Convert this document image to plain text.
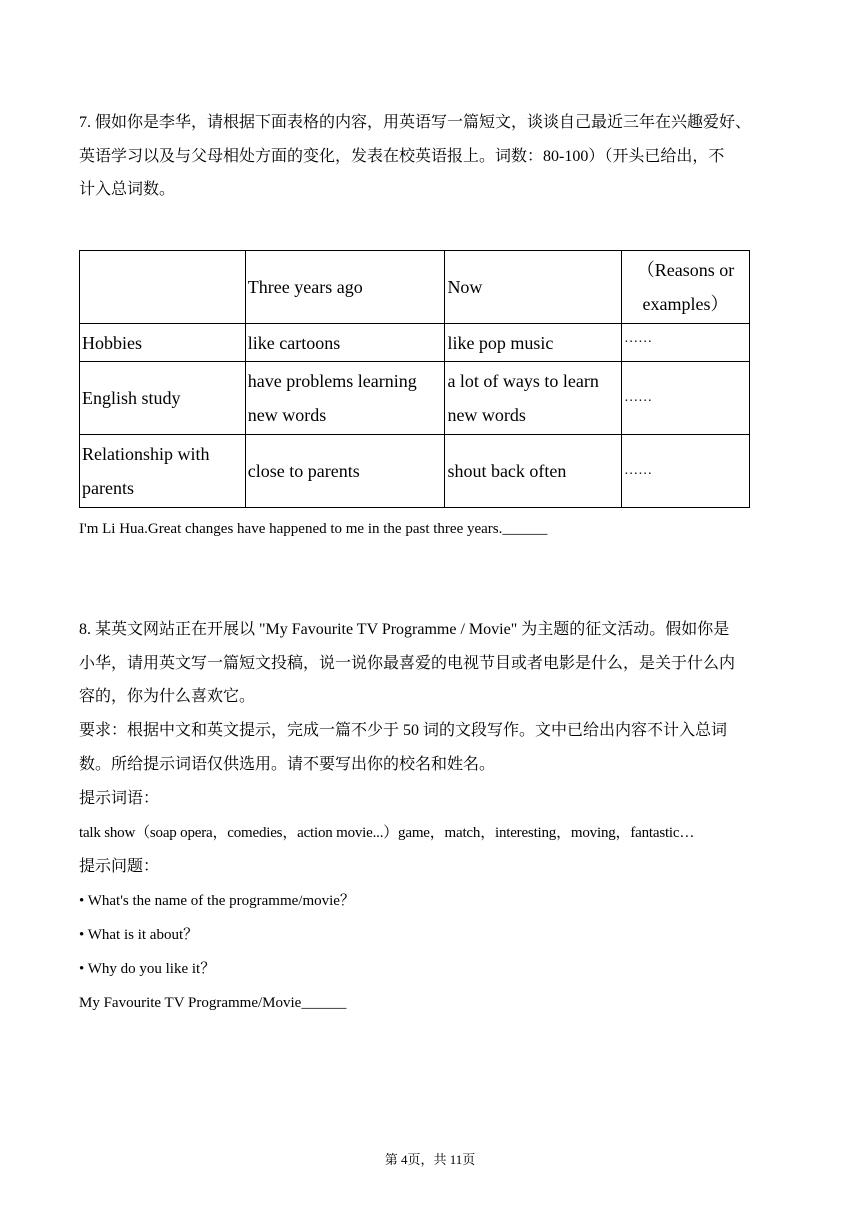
7. 假如你是李华，请根据下面表格的内容，用英语写一篇短文，谈谈自己最近三年在兴趣爱好、
英语学习以及与父母相处方面的变化，发表在校英语报上。词数：80-100）（开头已给出，不
计入总词数。
	Three years ago	Now	（Reasons or examples）
Hobbies	like cartoons	like pop music	……
English study	have problems learning new words	a lot of ways to learn new words	……
Relationship with parents	close to parents	shout back often	……
I'm Li Hua.Great changes have happened to me in the past three years.______
8. 某英文网站正在开展以 "My Favourite TV Programme / Movie" 为主题的征文活动。假如你是
小华，请用英文写一篇短文投稿，说一说你最喜爱的电视节目或者电影是什么，是关于什么内
容的，你为什么喜欢它。
要求：根据中文和英文提示，完成一篇不少于 50 词的文段写作。文中已给出内容不计入总词
数。所给提示词语仅供选用。请不要写出你的校名和姓名。
提示词语：
talk show（soap opera，comedies，action movie...）game，match，interesting，moving，fantastic…
提示问题：
• What's the name of the programme/movie？
• What is it about？
• Why do you like it？
My Favourite TV Programme/Movie______
第 4页，共 11页
